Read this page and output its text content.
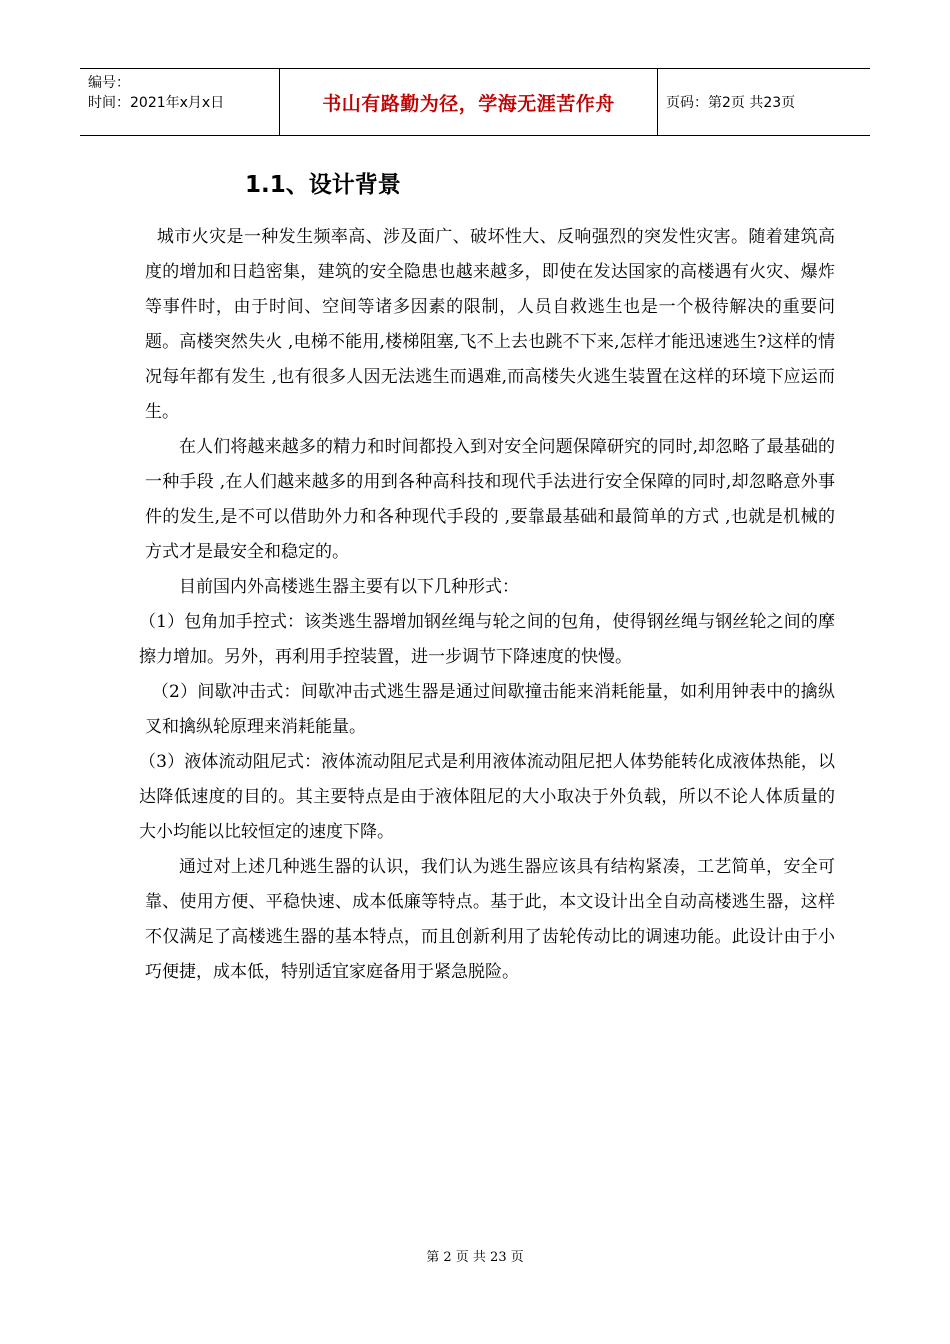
编号：
时间：2021年x月x日	书山有路勤为径，学海无涯苦作舟	页码：第2页 共23页
1.1、设计背景

城市火灾是一种发生频率高、涉及面广、破坏性大、反响强烈的突发性灾害。随着建筑高度的增加和日趋密集，建筑的安全隐患也越来越多，即使在发达国家的高楼遇有火灾、爆炸等事件时，由于时间、空间等诸多因素的限制，人员自救逃生也是一个极待解决的重要问题。高楼突然失火 ,电梯不能用,楼梯阻塞,飞不上去也跳不下来,怎样才能迅速逃生?这样的情况每年都有发生 ,也有很多人因无法逃生而遇难,而高楼失火逃生装置在这样的环境下应运而生。

在人们将越来越多的精力和时间都投入到对安全问题保障研究的同时,却忽略了最基础的一种手段 ,在人们越来越多的用到各种高科技和现代手法进行安全保障的同时,却忽略意外事件的发生,是不可以借助外力和各种现代手段的 ,要靠最基础和最简单的方式 ,也就是机械的方式才是最安全和稳定的。

目前国内外高楼逃生器主要有以下几种形式：

（1）包角加手控式：该类逃生器增加钢丝绳与轮之间的包角，使得钢丝绳与钢丝轮之间的摩擦力增加。另外，再利用手控装置，进一步调节下降速度的快慢。

（2）间歇冲击式：间歇冲击式逃生器是通过间歇撞击能来消耗能量，如利用钟表中的擒纵叉和擒纵轮原理来消耗能量。

（3）液体流动阻尼式：液体流动阻尼式是利用液体流动阻尼把人体势能转化成液体热能，以达降低速度的目的。其主要特点是由于液体阻尼的大小取决于外负载，所以不论人体质量的大小均能以比较恒定的速度下降。

通过对上述几种逃生器的认识，我们认为逃生器应该具有结构紧凑，工艺简单，安全可靠、使用方便、平稳快速、成本低廉等特点。基于此，本文设计出全自动高楼逃生器，这样不仅满足了高楼逃生器的基本特点，而且创新利用了齿轮传动比的调速功能。此设计由于小巧便捷，成本低，特别适宜家庭备用于紧急脱险。

第 2 页 共 23 页
